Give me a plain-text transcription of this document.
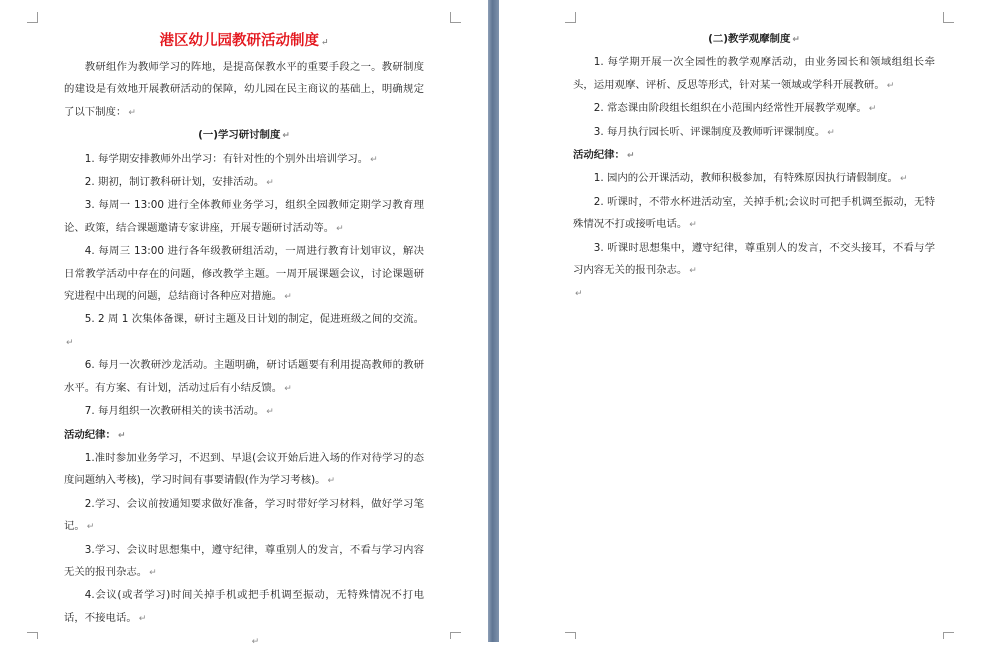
港区幼儿园教研活动制度 ↵

教研组作为教师学习的阵地，是提高保教水平的重要手段之一。教研制度的建设是有效地开展教研活动的保障，幼儿园在民主商议的基础上，明确规定了以下制度： ↵

(一)学习研讨制度 ↵

1. 每学期安排教师外出学习：有针对性的个别外出培训学习。 ↵

2. 期初，制订教科研计划，安排活动。 ↵

3. 每周一 13:00 进行全体教师业务学习，组织全园教师定期学习教育理论、政策，结合课题邀请专家讲座，开展专题研讨活动等。 ↵

4. 每周三 13:00 进行各年级教研组活动，一周进行教育计划审议，解决日常教学活动中存在的问题，修改教学主题。一周开展课题会议，讨论课题研究进程中出现的问题，总结商讨各种应对措施。 ↵

5. 2 周 1 次集体备课，研讨主题及日计划的制定，促进班级之间的交流。↵

6. 每月一次教研沙龙活动。主题明确，研讨话题要有利用提高教师的教研水平。有方案、有计划，活动过后有小结反馈。 ↵

7. 每月组织一次教研相关的读书活动。 ↵

活动纪律： ↵

1.准时参加业务学习，不迟到、早退(会议开始后进入场的作对待学习的态度问题纳入考核)，学习时间有事要请假(作为学习考核)。 ↵

2.学习、会议前按通知要求做好准备，学习时带好学习材料，做好学习笔记。 ↵

3.学习、会议时思想集中，遵守纪律，尊重别人的发言，不看与学习内容无关的报刊杂志。 ↵

4.会议(或者学习)时间关掉手机或把手机调至振动，无特殊情况不打电话，不接电话。 ↵

↵

(二)教学观摩制度 ↵

1. 每学期开展一次全园性的教学观摩活动，由业务园长和领域组组长牵头，运用观摩、评析、反思等形式，针对某一领域或学科开展教研。 ↵

2. 常态课由阶段组长组织在小范围内经常性开展教学观摩。 ↵

3. 每月执行园长听、评课制度及教师听评课制度。 ↵

活动纪律： ↵

1. 园内的公开课活动，教师积极参加，有特殊原因执行请假制度。 ↵

2. 听课时，不带水杯进活动室，关掉手机;会议时可把手机调至振动，无特殊情况不打或接听电话。 ↵

3. 听课时思想集中，遵守纪律，尊重别人的发言，不交头接耳，不看与学习内容无关的报刊杂志。 ↵

↵
